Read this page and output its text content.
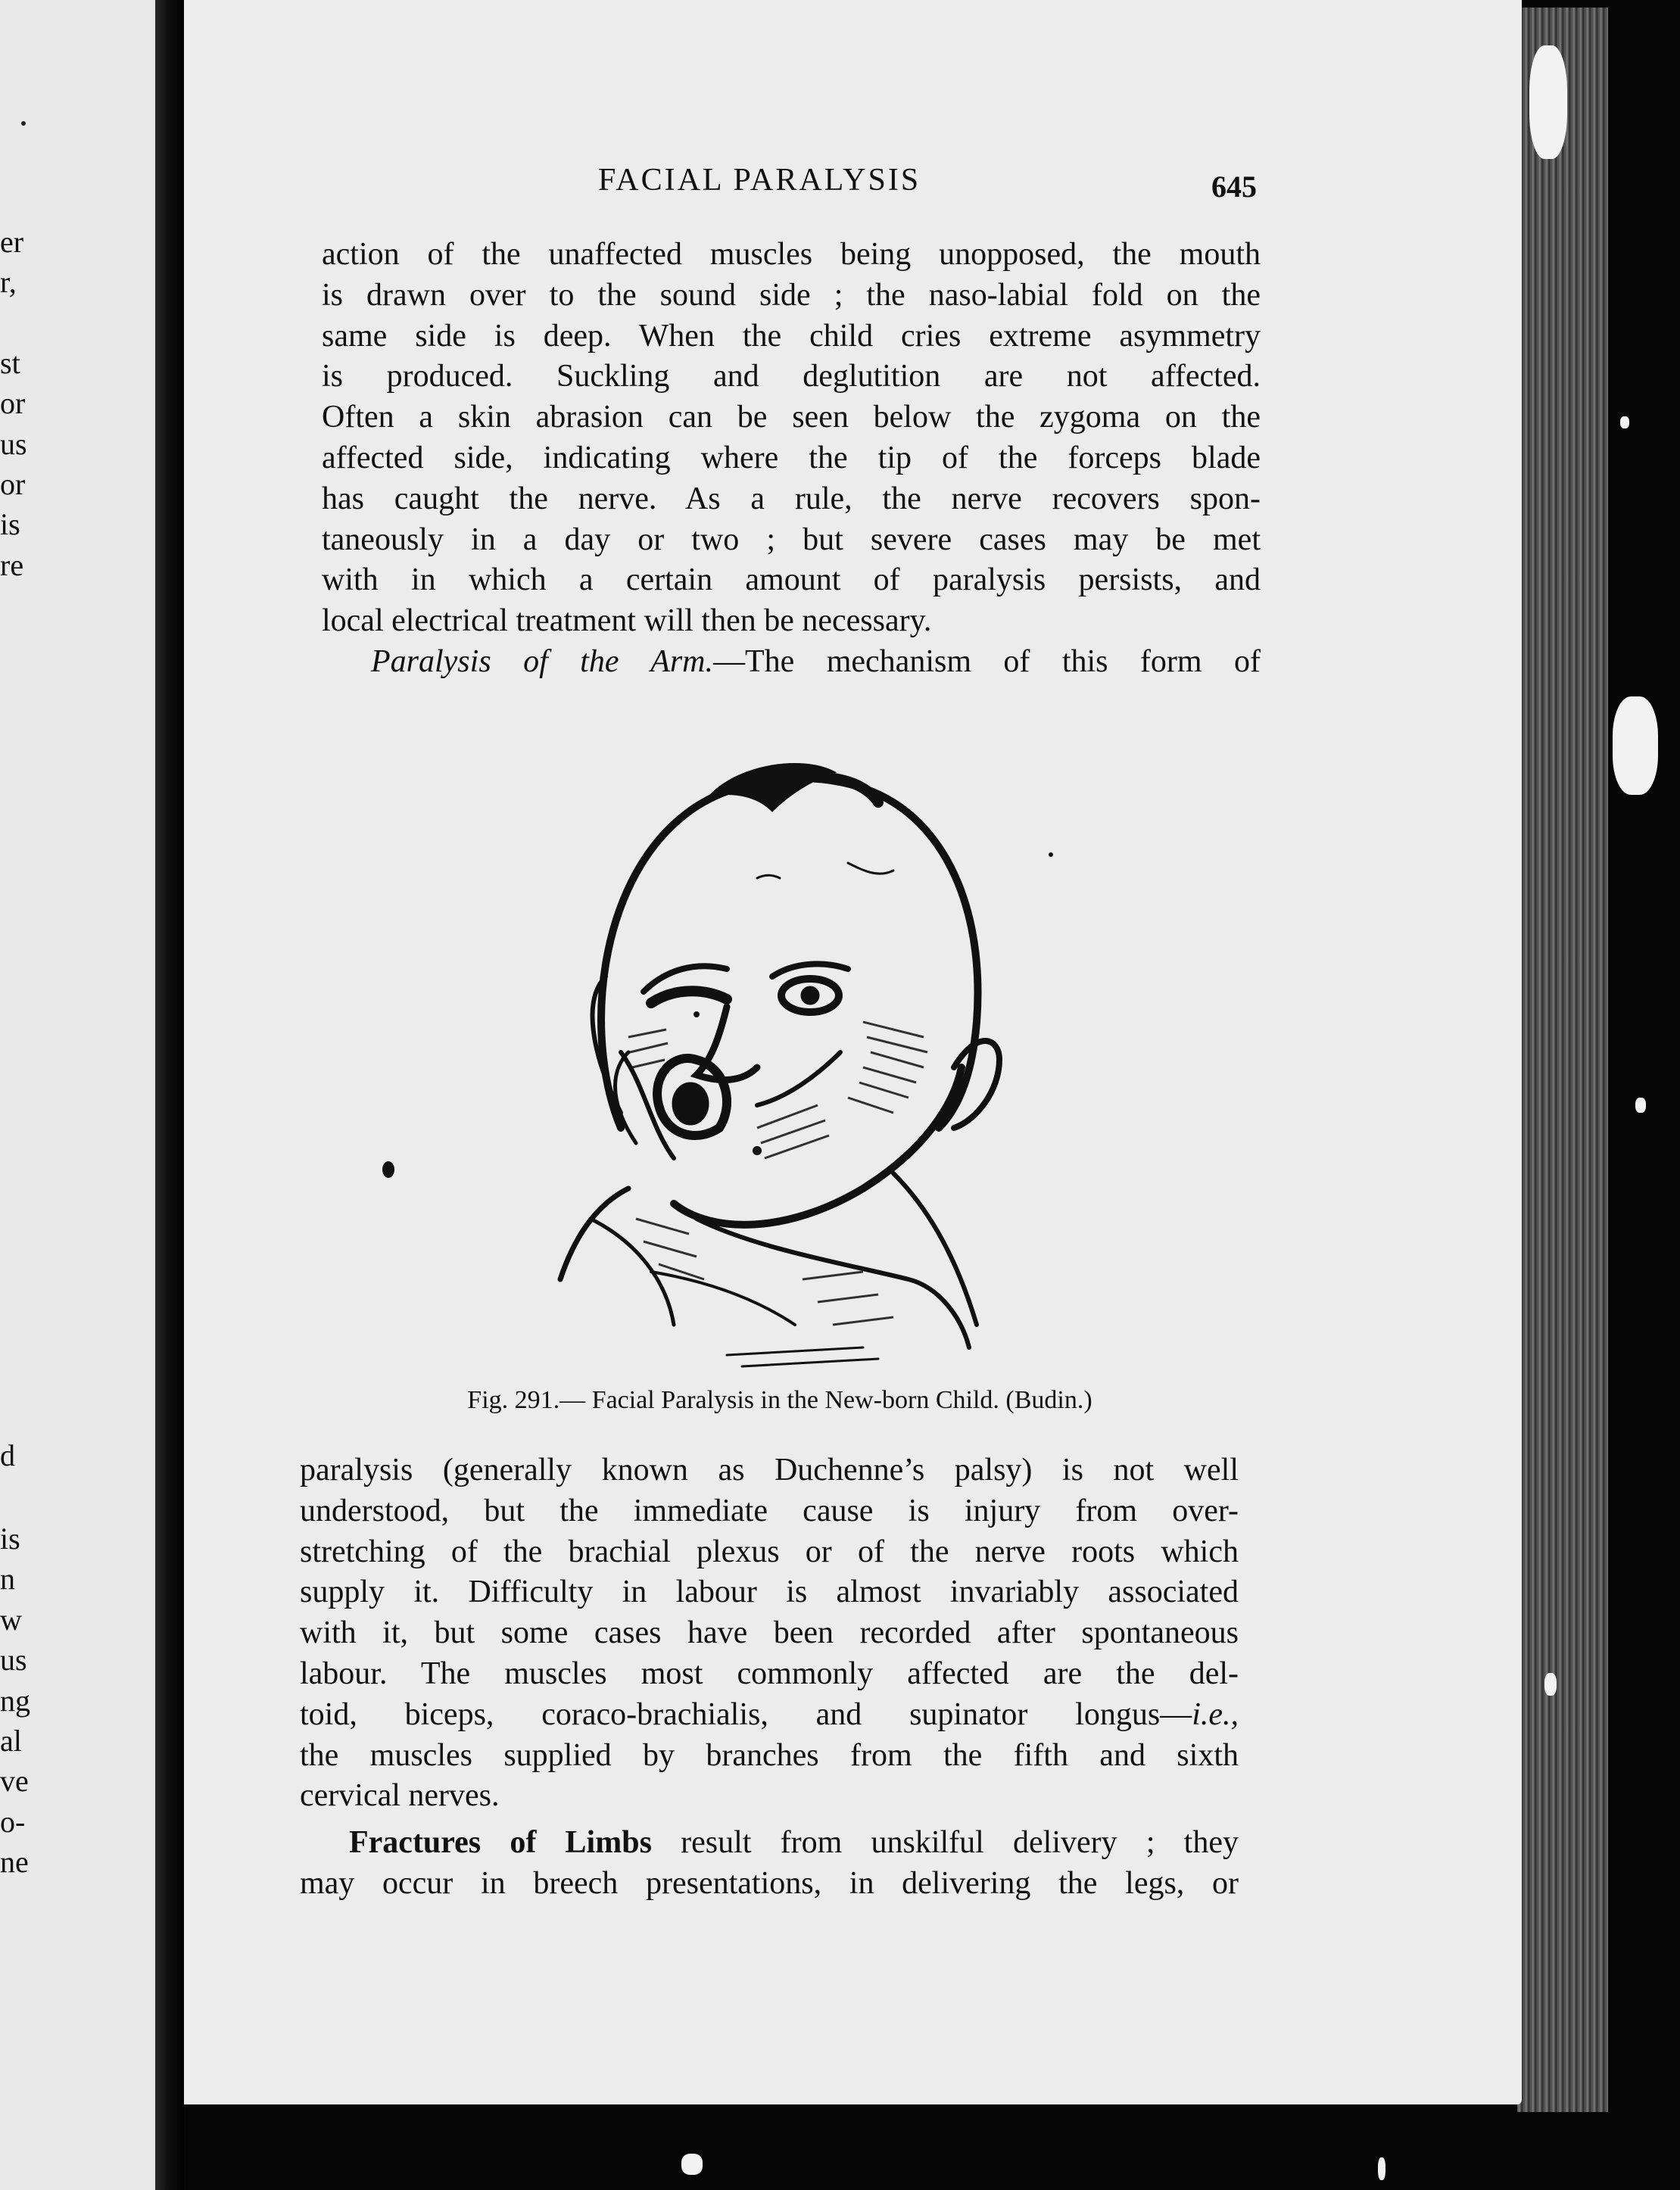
er
r,
st
or
us
or
is
re
d
is
n
w
us
ng
al
ve
o-
ne
FACIAL PARALYSIS	645
action of the unaffected muscles being unopposed, the mouth
is drawn over to the sound side ; the naso-labial fold on the
same side is deep. When the child cries extreme asymmetry
is produced. Suckling and deglutition are not affected.
Often a skin abrasion can be seen below the zygoma on the
affected side, indicating where the tip of the forceps blade
has caught the nerve. As a rule, the nerve recovers spon-
taneously in a day or two ; but severe cases may be met
with in which a certain amount of paralysis persists, and
local electrical treatment will then be necessary.
Paralysis of the Arm.—The mechanism of this form of
Fig. 291.— Facial Paralysis in the New-born Child. (Budin.)
paralysis (generally known as Duchenne’s palsy) is not well
understood, but the immediate cause is injury from over-
stretching of the brachial plexus or of the nerve roots which
supply it. Difficulty in labour is almost invariably associated
with it, but some cases have been recorded after spontaneous
labour. The muscles most commonly affected are the del-
toid, biceps, coraco-brachialis, and supinator longus—i.e.,
the muscles supplied by branches from the fifth and sixth
cervical nerves.
Fractures of Limbs result from unskilful delivery ; they
may occur in breech presentations, in delivering the legs, or
